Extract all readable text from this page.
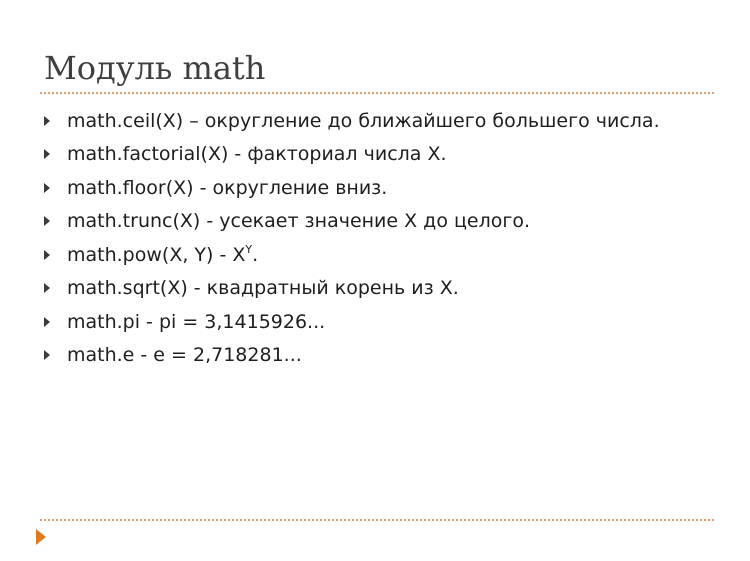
Модуль math
math.ceil(X) – округление до ближайшего большего числа.
math.factorial(X) - факториал числа X.
math.floor(X) - округление вниз.
math.trunc(X) - усекает значение X до целого.
math.pow(X, $Y) - X^Y$.
math.sqrt(X) - квадратный корень из X.
math.pi - pi = 3,1415926...
math.e - e = 2,718281...
